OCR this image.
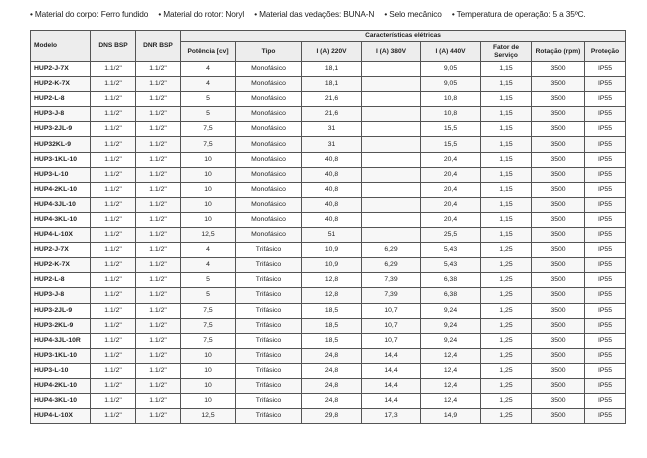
• Material do corpo: Ferro fundido • Material do rotor: Noryl • Material das vedações: BUNA-N • Selo mecânico • Temperatura de operação: 5 a 35ºC.
Modelo	DNS BSP	DNR BSP	Características elétricas							
			Potência [cv]	Tipo	I (A) 220V	I (A) 380V	I (A) 440V	Fator de Serviço	Rotação (rpm)	Proteção
HUP2-J-7X	1.1/2"	1.1/2"	4	Monofásico	18,1		9,05	1,15	3500	IP55
HUP2-K-7X	1.1/2"	1.1/2"	4	Monofásico	18,1		9,05	1,15	3500	IP55
HUP2-L-8	1.1/2"	1.1/2"	5	Monofásico	21,6		10,8	1,15	3500	IP55
HUP3-J-8	1.1/2"	1.1/2"	5	Monofásico	21,6		10,8	1,15	3500	IP55
HUP3-2JL-9	1.1/2"	1.1/2"	7,5	Monofásico	31		15,5	1,15	3500	IP55
HUP32KL-9	1.1/2"	1.1/2"	7,5	Monofásico	31		15,5	1,15	3500	IP55
HUP3-1KL-10	1.1/2"	1.1/2"	10	Monofásico	40,8		20,4	1,15	3500	IP55
HUP3-L-10	1.1/2"	1.1/2"	10	Monofásico	40,8		20,4	1,15	3500	IP55
HUP4-2KL-10	1.1/2"	1.1/2"	10	Monofásico	40,8		20,4	1,15	3500	IP55
HUP4-3JL-10	1.1/2"	1.1/2"	10	Monofásico	40,8		20,4	1,15	3500	IP55
HUP4-3KL-10	1.1/2"	1.1/2"	10	Monofásico	40,8		20,4	1,15	3500	IP55
HUP4-L-10X	1.1/2"	1.1/2"	12,5	Monofásico	51		25,5	1,15	3500	IP55
HUP2-J-7X	1.1/2"	1.1/2"	4	Trifásico	10,9	6,29	5,43	1,25	3500	IP55
HUP2-K-7X	1.1/2"	1.1/2"	4	Trifásico	10,9	6,29	5,43	1,25	3500	IP55
HUP2-L-8	1.1/2"	1.1/2"	5	Trifásico	12,8	7,39	6,38	1,25	3500	IP55
HUP3-J-8	1.1/2"	1.1/2"	5	Trifásico	12,8	7,39	6,38	1,25	3500	IP55
HUP3-2JL-9	1.1/2"	1.1/2"	7,5	Trifásico	18,5	10,7	9,24	1,25	3500	IP55
HUP3-2KL-9	1.1/2"	1.1/2"	7,5	Trifásico	18,5	10,7	9,24	1,25	3500	IP55
HUP4-3JL-10R	1.1/2"	1.1/2"	7,5	Trifásico	18,5	10,7	9,24	1,25	3500	IP55
HUP3-1KL-10	1.1/2"	1.1/2"	10	Trifásico	24,8	14,4	12,4	1,25	3500	IP55
HUP3-L-10	1.1/2"	1.1/2"	10	Trifásico	24,8	14,4	12,4	1,25	3500	IP55
HUP4-2KL-10	1.1/2"	1.1/2"	10	Trifásico	24,8	14,4	12,4	1,25	3500	IP55
HUP4-3KL-10	1.1/2"	1.1/2"	10	Trifásico	24,8	14,4	12,4	1,25	3500	IP55
HUP4-L-10X	1.1/2"	1.1/2"	12,5	Trifásico	29,8	17,3	14,9	1,25	3500	IP55
